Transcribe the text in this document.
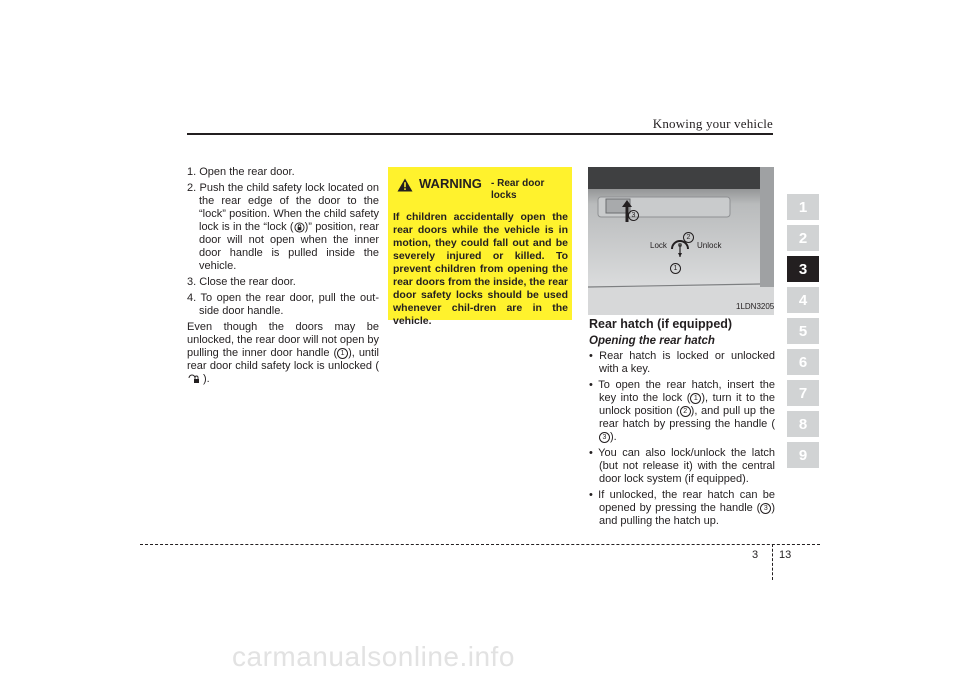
Knowing your vehicle
1
2
3
4
5
6
7
8
9
1. Open the rear door.
2. Push the child safety lock located on the rear edge of the door to the “lock” position. When the child safety lock is in the “lock ( )” position, rear door will not open when the inner door handle is pulled inside the vehicle.
3. Close the rear door.
4. To open the rear door, pull the out-side door handle.

Even though the doors may be unlocked, the rear door will not open by pulling the inner door handle ( 1 ), until rear door child safety lock is unlocked ().

WARNING - Rear door locks
If children accidentally open the rear doors while the vehicle is in motion, they could fall out and be severely injured or killed. To prevent children from opening the rear doors from the inside, the rear door safety locks should be used whenever chil-dren are in the vehicle.
3
2
1
Lock	Unlock
1LDN3205
Rear hatch (if equipped)
Opening the rear hatch
• Rear hatch is locked or unlocked with a key.
• To open the rear hatch, insert the key into the lock ( 1 ), turn it to the unlock position ( 2 ), and pull up the rear hatch by pressing the handle (3 ).
• You can also lock/unlock the latch (but not release it) with the central door lock system (if equipped).
• If unlocked, the rear hatch can be opened by pressing the handle ( 3 ) and pulling the hatch up.
3 13
carmanualsonline.info
